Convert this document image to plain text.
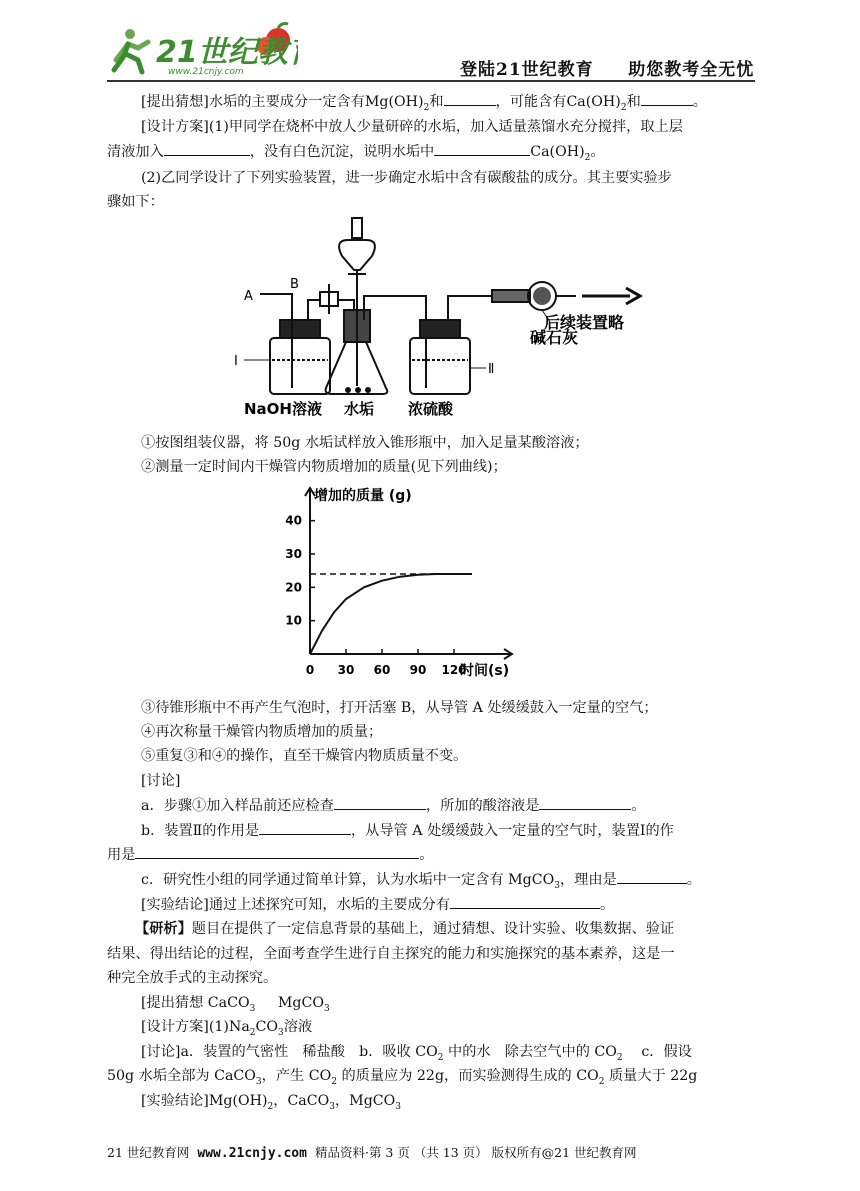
21世纪教
www.21cnjy.com	登陆21世纪教育 助您教考全无忧
[提出猜想]水垢的主要成分一定含有$Mg(OH)_2$和	，可能含有$Ca(OH)_2$和	。
[设计方案](1)甲同学在烧杯中放人少量研碎的水垢，加入适量蒸馏水充分搅拌，取上层
清液加入	，没有白色沉淀，说明水垢中	$Ca(OH)_2$。
(2)乙同学设计了下列实验装置，进一步确定水垢中含有碳酸盐的成分。其主要实验步
骤如下：
A
B
Ⅰ
Ⅱ
NaOH溶液 水垢 浓硫酸
碱石灰
后续装置略
①按图组装仪器，将 50g 水垢试样放入锥形瓶中，加入足量某酸溶液；
②测量一定时间内干燥管内物质增加的质量(见下列曲线)；
10
20
30
40
0 30 60 90 120
增加的质量 (g)
时间(s)
③待锥形瓶中不再产生气泡时，打开活塞 B，从导管 A 处缓缓鼓入一定量的空气；
④再次称量干燥管内物质增加的质量；
⑤重复③和④的操作，直至干燥管内物质质量不变。
[讨论]
a．步骤①加入样品前还应检查	，所加的酸溶液是	。
b．装置Ⅱ的作用是	，从导管 A 处缓缓鼓入一定量的空气时，装置Ⅰ的作
用是	。
c．研究性小组的同学通过简单计算，认为水垢中一定含有 MgCO$_3$，理由是	。
[实验结论]通过上述探究可知，水垢的主要成分有	。
【研析】题目在提供了一定信息背景的基础上，通过猜想、设计实验、收集数据、验证
结果、得出结论的过程，全面考查学生进行自主探究的能力和实施探究的基本素养，这是一
种完全放手式的主动探究。
[提出猜想 CaCO$_3$ MgCO$_3$
[设计方案]$(1)Na_2CO_3$溶液
[讨论]a．装置的气密性　稀盐酸　b．吸收 $CO_2$ 中的水　除去空气中的 $CO_2$　 c．假设
50g 水垢全部为 CaCO$_3$，产生 $CO_2$ 的质量应为 22g，而实验测得生成的 $CO_2$ 质量大于 22g
[实验结论]$Mg(OH)_2$，CaCO$_3$，MgCO$_3$
21 世纪教育网 www.21cnjy.com 精品资料·第 3 页 （共 13 页） 版权所有@21 世纪教育网
